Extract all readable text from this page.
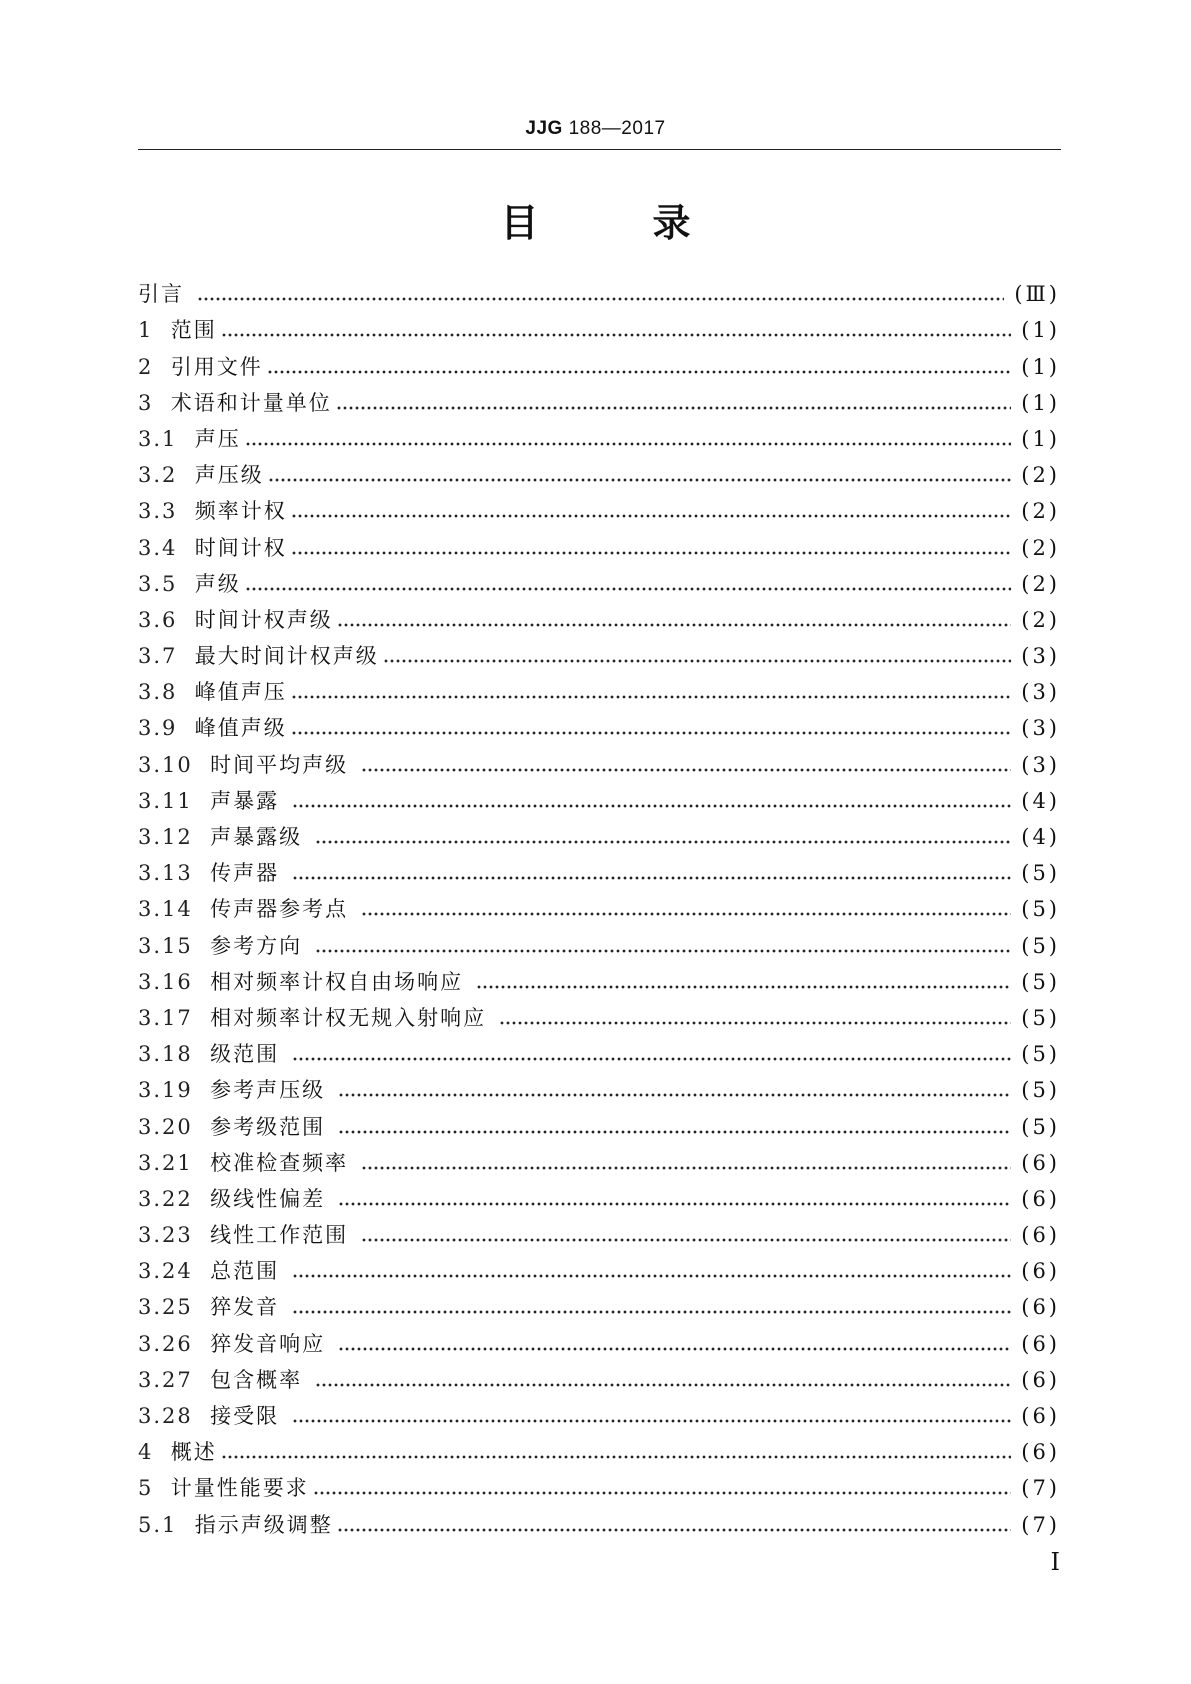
JJG 188—2017
目　　　录
引言	(Ⅲ)
1 范围	(1)
2 引用文件	(1)
3 术语和计量单位	(1)
3.1 声压	(1)
3.2 声压级	(2)
3.3 频率计权	(2)
3.4 时间计权	(2)
3.5 声级	(2)
3.6 时间计权声级	(2)
3.7 最大时间计权声级	(3)
3.8 峰值声压	(3)
3.9 峰值声级	(3)
3.10 时间平均声级	(3)
3.11 声暴露	(4)
3.12 声暴露级	(4)
3.13 传声器	(5)
3.14 传声器参考点	(5)
3.15 参考方向	(5)
3.16 相对频率计权自由场响应	(5)
3.17 相对频率计权无规入射响应	(5)
3.18 级范围	(5)
3.19 参考声压级	(5)
3.20 参考级范围	(5)
3.21 校准检查频率	(6)
3.22 级线性偏差	(6)
3.23 线性工作范围	(6)
3.24 总范围	(6)
3.25 猝发音	(6)
3.26 猝发音响应	(6)
3.27 包含概率	(6)
3.28 接受限	(6)
4 概述	(6)
5 计量性能要求	(7)
5.1 指示声级调整	(7)
Ⅰ
